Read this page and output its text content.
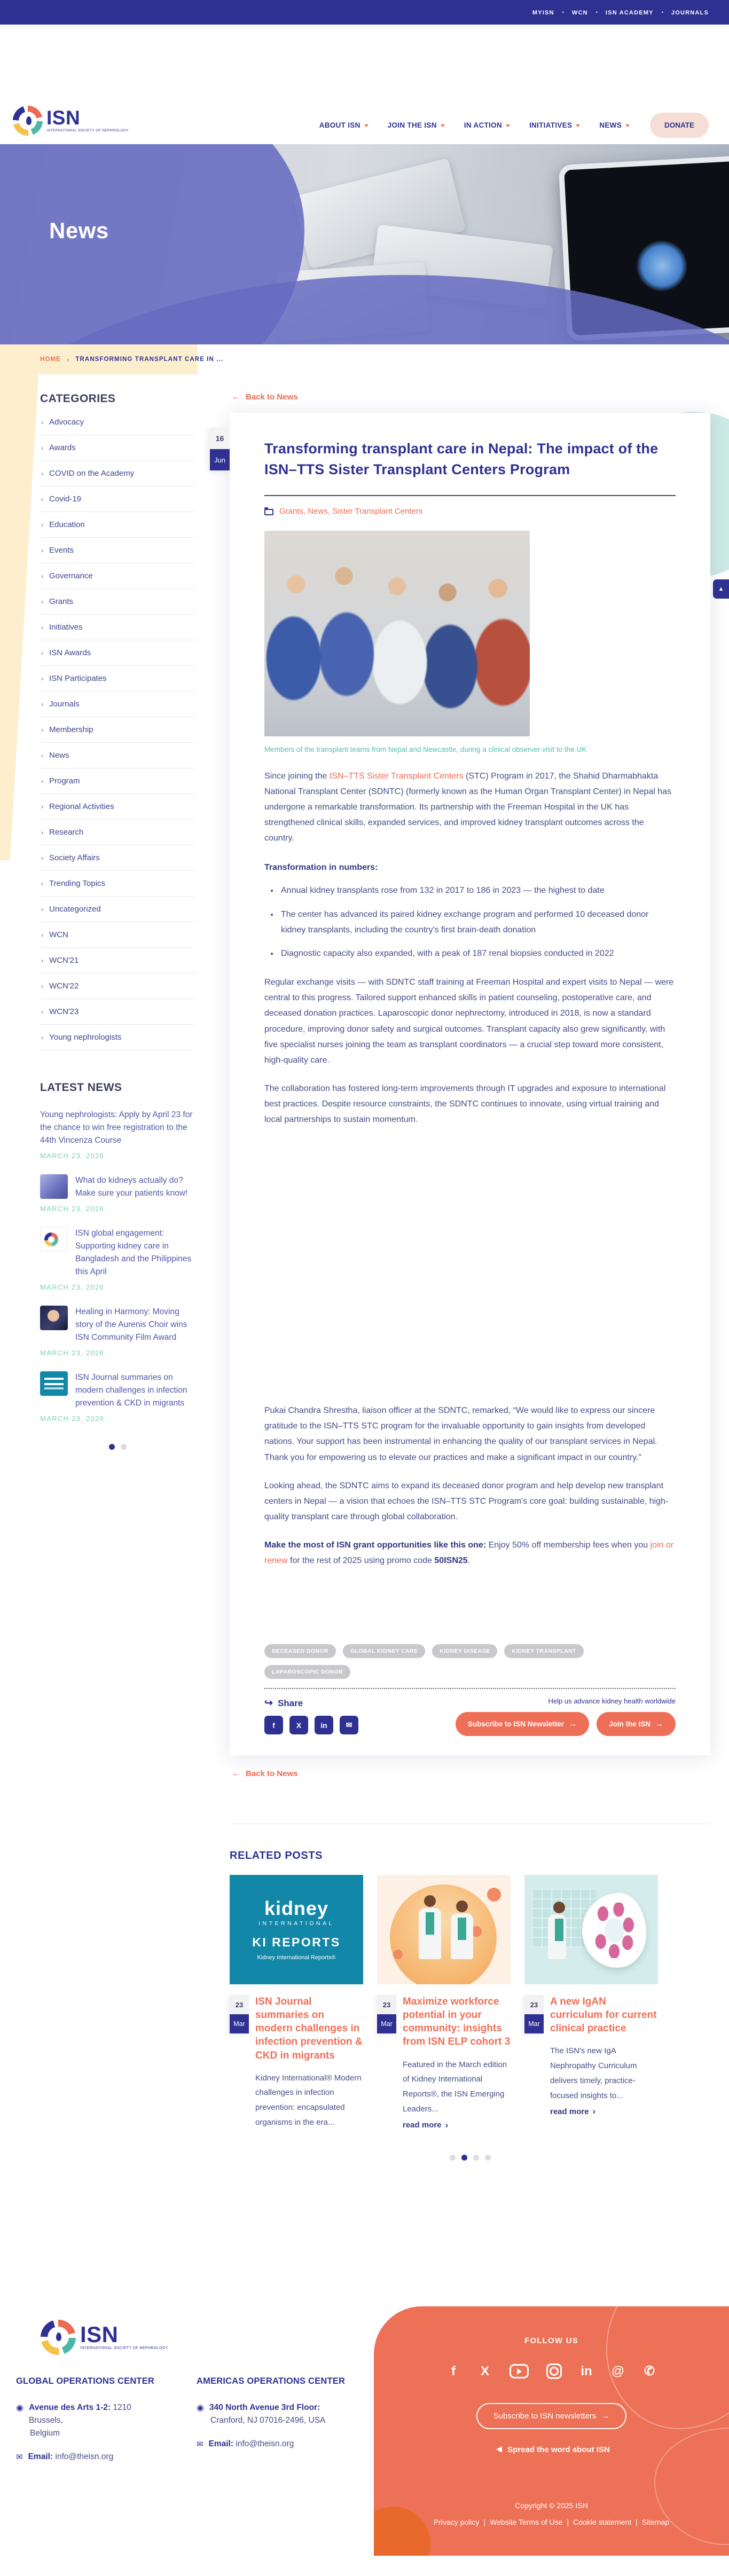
MYISN • WCN • ISN ACADEMY • JOURNALS
ISN
INTERNATIONAL SOCIETY OF NEPHROLOGY
ABOUT ISN	JOIN THE ISN	IN ACTION	INITIATIVES	NEWS	DONATE
News
HOME › TRANSFORMING TRANSPLANT CARE IN ...
CATEGORIES
› Advocacy
› Awards
› COVID on the Academy
› Covid-19
› Education
› Events
› Governance
› Grants
› Initiatives
› ISN Awards
› ISN Participates
› Journals
› Membership
› News
› Program
› Regional Activities
› Research
› Society Affairs
› Trending Topics
› Uncategorized
› WCN
› WCN'21
› WCN'22
› WCN'23
› Young nephrologists
LATEST NEWS
Young nephrologists: Apply by April 23 for the chance to win free registration to the 44th Vincenza Course
MARCH 23, 2026
What do kidneys actually do? Make sure your patients know!
MARCH 23, 2026
ISN global engagement: Supporting kidney care in Bangladesh and the Philippines this April
MARCH 23, 2026
Healing in Harmony: Moving story of the Aurenis Choir wins ISN Community Film Award
MARCH 23, 2026
ISN Journal summaries on modern challenges in infection prevention & CKD in migrants
MARCH 23, 2026
← Back to News
16
Jun
Transforming transplant care in Nepal: The impact of the ISN–TTS Sister Transplant Centers Program
Grants, News, Sister Transplant Centers

Members of the transplant teams from Nepal and Newcastle, during a clinical observer visit to the UK

Since joining the ISN–TTS Sister Transplant Centers (STC) Program in 2017, the Shahid Dharmabhakta National Transplant Center (SDNTC) (formerly known as the Human Organ Transplant Center) in Nepal has undergone a remarkable transformation. Its partnership with the Freeman Hospital in the UK has strengthened clinical skills, expanded services, and improved kidney transplant outcomes across the country.

Transformation in numbers:

• Annual kidney transplants rose from 132 in 2017 to 186 in 2023 — the highest to date
• The center has advanced its paired kidney exchange program and performed 10 deceased donor kidney transplants, including the country's first brain-death donation
• Diagnostic capacity also expanded, with a peak of 187 renal biopsies conducted in 2022

Regular exchange visits — with SDNTC staff training at Freeman Hospital and expert visits to Nepal — were central to this progress. Tailored support enhanced skills in patient counseling, postoperative care, and deceased donation practices. Laparoscopic donor nephrectomy, introduced in 2018, is now a standard procedure, improving donor safety and surgical outcomes. Transplant capacity also grew significantly, with five specialist nurses joining the team as transplant coordinators — a crucial step toward more consistent, high-quality care.

The collaboration has fostered long-term improvements through IT upgrades and exposure to international best practices. Despite resource constraints, the SDNTC continues to innovate, using virtual training and local partnerships to sustain momentum.

Pukai Chandra Shrestha, liaison officer at the SDNTC, remarked, “We would like to express our sincere gratitude to the ISN–TTS STC program for the invaluable opportunity to gain insights from developed nations. Your support has been instrumental in enhancing the quality of our transplant services in Nepal. Thank you for empowering us to elevate our practices and make a significant impact in our country.”

Looking ahead, the SDNTC aims to expand its deceased donor program and help develop new transplant centers in Nepal — a vision that echoes the ISN–TTS STC Program's core goal: building sustainable, high-quality transplant care through global collaboration.

Make the most of ISN grant opportunities like this one: Enjoy 50% off membership fees when you join or renew for the rest of 2025 using promo code 50ISN25.

DECEASED DONOR	GLOBAL KIDNEY CARE	KIDNEY DISEASE	KIDNEY TRANSPLANT
LAPAROSCOPIC DONOR
↪ Share
f	X	in	✉
Help us advance kidney health worldwide
Subscribe to ISN Newsletter →	Join the ISN →
← Back to News
RELATED POSTS
kidney
INTERNATIONAL
KI REPORTS
Kidney International Reports®
23
Mar
ISN Journal summaries on modern challenges in infection prevention & CKD in migrants

Kidney International® Modern challenges in infection prevention: encapsulated organisms in the era...

23
Mar
Maximize workforce potential in your community: insights from ISN ELP cohort 3

Featured in the March edition of Kidney International Reports®, the ISN Emerging Leaders...

read more ›
23
Mar
A new IgAN curriculum for current clinical practice

The ISN's new IgA Nephropathy Curriculum delivers timely, practice-focused insights to...

read more ›
ISN
INTERNATIONAL SOCIETY OF NEPHROLOGY
GLOBAL OPERATIONS CENTER
◉ Avenue des Arts 1-2: 1210 Brussels,
Belgium
✉ Email: info@theisn.org
AMERICAS OPERATIONS CENTER
◉ 340 North Avenue 3rd Floor:
Cranford, NJ 07016-2496, USA
✉ Email: info@theisn.org
FOLLOW US
f	X	in @ ✆
Subscribe to ISN newsletters →
Spread the word about ISN
Copyright © 2025 ISN
Privacy policy | Website Terms of Use | Cookie statement | Sitemap
▲
